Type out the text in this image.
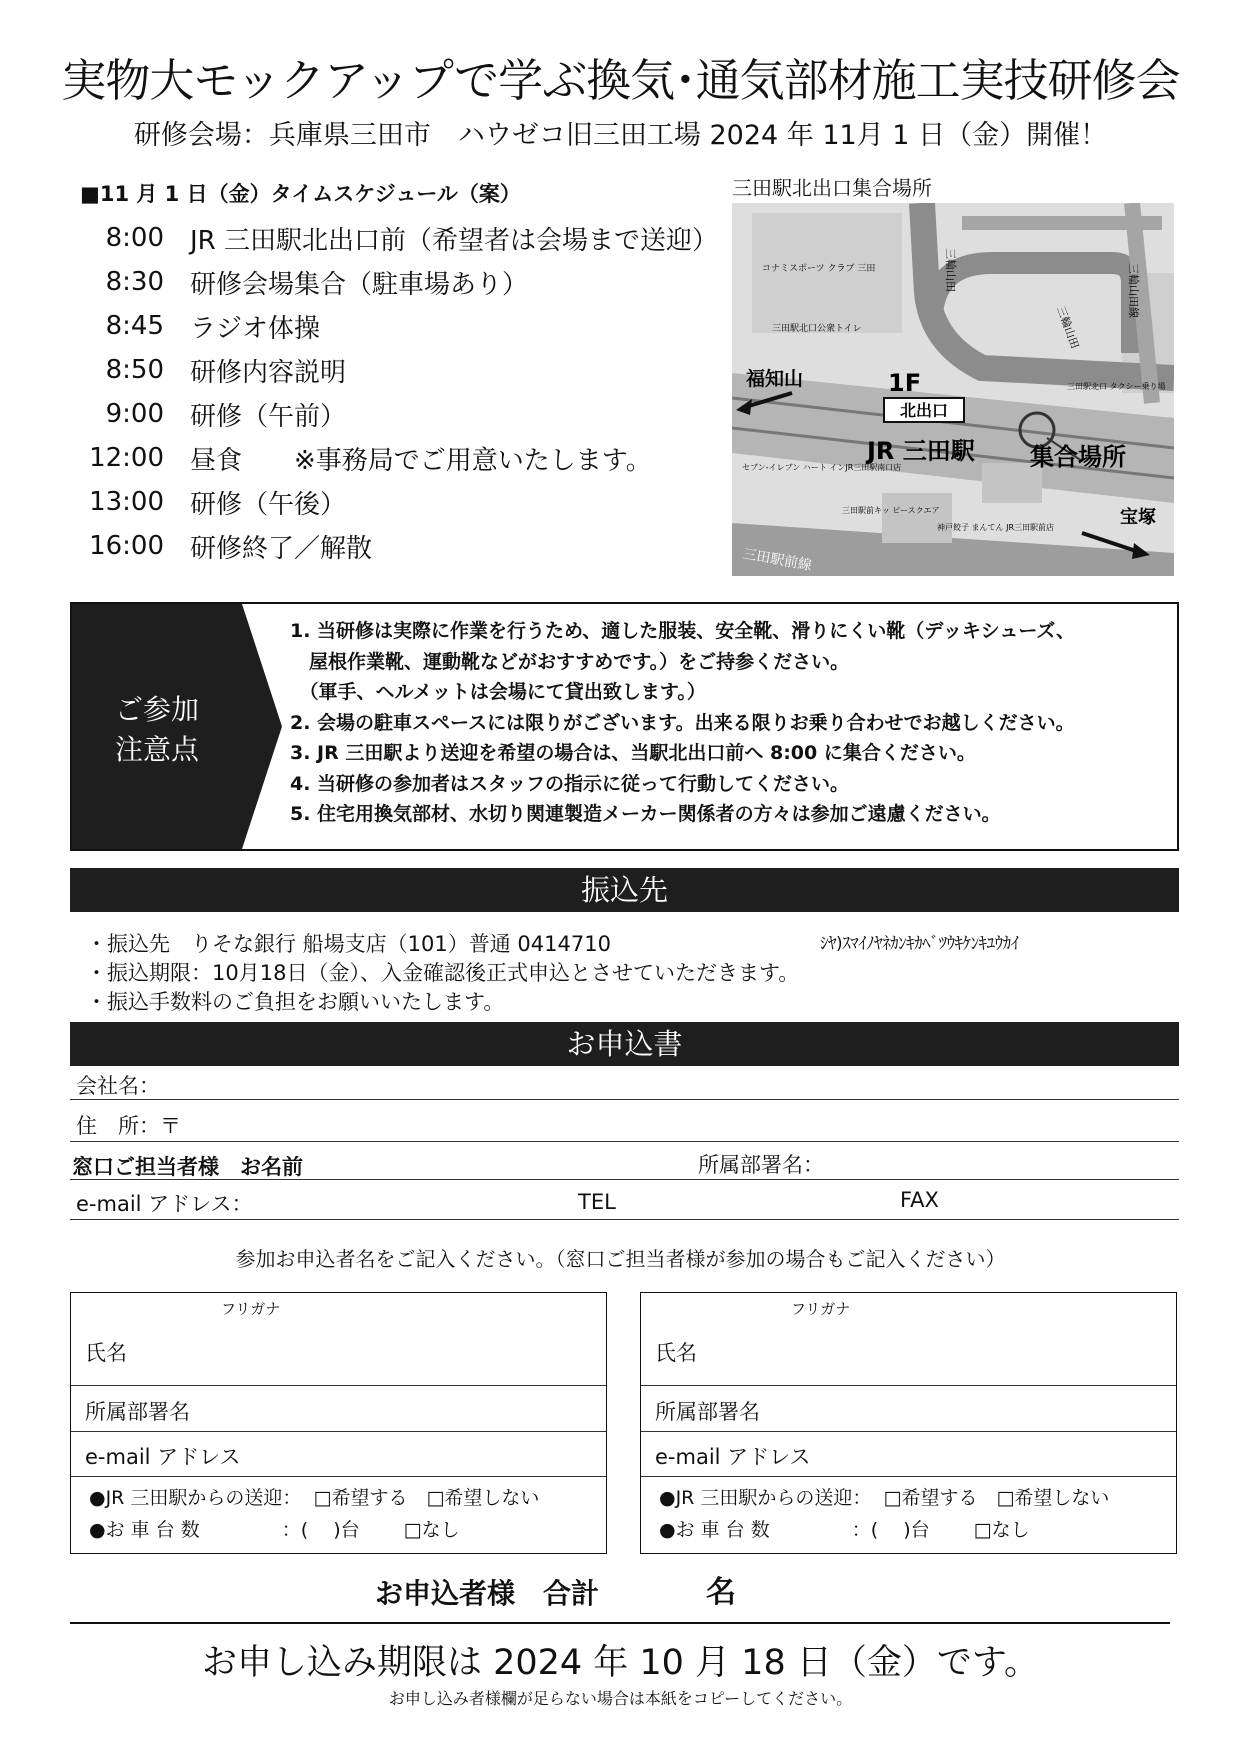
実物大モックアップで学ぶ換気･通気部材施工実技研修会
研修会場：兵庫県三田市　ハウゼコ旧三田工場 2024 年 11月 1 日（金）開催！
■11 月 1 日（金）タイムスケジュール（案）
8:00 JR 三田駅北出口前（希望者は会場まで送迎）
8:30 研修会場集合（駐車場あり）
8:45 ラジオ体操
8:50 研修内容説明
9:00 研修（午前）
12:00 昼食　　※事務局でご用意いたします。
13:00 研修（午後）
16:00 研修終了／解散
三田駅北出口集合場所
北出口
福知山	1F
JR 三田駅 集合場所
宝塚
コナミスポーツ クラブ 三田
三田駅北口公衆トイレ
三田駅北口 タクシー乗り場
セブン-イレブン ハート インJR三田駅南口店
三田駅前キッ ピースクエア
神戸餃子 まんてん JR三田駅前店
三田駅前線
三輪山田	三輪山田線
三輪山田
ご参加
注意点
1. 当研修は実際に作業を行うため、適した服装、安全靴、滑りにくい靴（デッキシューズ、
　屋根作業靴、運動靴などがおすすめです。）をご持参ください。
　（軍手、ヘルメットは会場にて貸出致します。）
2. 会場の駐車スペースには限りがございます。出来る限りお乗り合わせでお越しください。
3. JR 三田駅より送迎を希望の場合は、当駅北出口前へ 8:00 に集合ください。
4. 当研修の参加者はスタッフの指示に従って行動してください。
5. 住宅用換気部材、水切り関連製造メーカー関係者の方々は参加ご遠慮ください。
振込先
・振込先　りそな銀行 船場支店（101）普通 0414710
・振込期限：10月18日（金）、入金確認後正式申込とさせていただきます。
・振込手数料のご負担をお願いいたします。
ｼﾔ)ｽﾏｲﾉﾔﾈｶﾝｷｶﾍﾞﾂｳｷｹﾝｷﾕｳｶｲ
お申込書
会社名：
住　所：〒
窓口ご担当者様　お名前	所属部署名：
e-mail アドレス：	TEL	FAX
参加お申込者名をご記入ください。（窓口ご担当者様が参加の場合もご記入ください）
フリガナ
氏名
所属部署名
e-mail アドレス
●JR 三田駅からの送迎：  □希望する　□希望しない
●お 車 台 数　　　　 ：(　 )台　　 □なし
フリガナ
氏名
所属部署名
e-mail アドレス
●JR 三田駅からの送迎：  □希望する　□希望しない
●お 車 台 数　　　　 ：(　 )台　　 □なし
お申込者様　合計	名
お申し込み期限は 2024 年 10 月 18 日（金）です。
お申し込み者様欄が足らない場合は本紙をコピーしてください。
